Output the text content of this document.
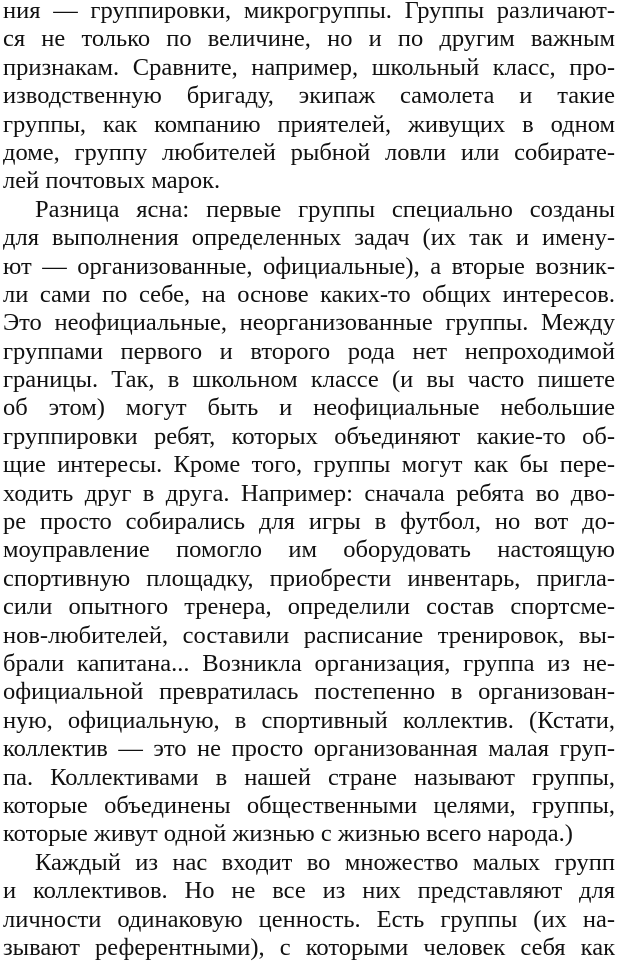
ния — группировки, микрогруппы. Группы различают-
ся не только по величине, но и по другим важным
признакам. Сравните, например, школьный класс, про-
изводственную бригаду, экипаж самолета и такие
группы, как компанию приятелей, живущих в одном
доме, группу любителей рыбной ловли или собирате-
лей почтовых марок.
Разница ясна: первые группы специально созданы
для выполнения определенных задач (их так и имену-
ют — организованные, официальные), а вторые возник-
ли сами по себе, на основе каких-то общих интересов.
Это неофициальные, неорганизованные группы. Между
группами первого и второго рода нет непроходимой
границы. Так, в школьном классе (и вы часто пишете
об этом) могут быть и неофициальные небольшие
группировки ребят, которых объединяют какие-то об-
щие интересы. Кроме того, группы могут как бы пере-
ходить друг в друга. Например: сначала ребята во дво-
ре просто собирались для игры в футбол, но вот до-
моуправление помогло им оборудовать настоящую
спортивную площадку, приобрести инвентарь, пригла-
сили опытного тренера, определили состав спортсме-
нов-любителей, составили расписание тренировок, вы-
брали капитана... Возникла организация, группа из не-
официальной превратилась постепенно в организован-
ную, официальную, в спортивный коллектив. (Кстати,
коллектив — это не просто организованная малая груп-
па. Коллективами в нашей стране называют группы,
которые объединены общественными целями, группы,
которые живут одной жизнью с жизнью всего народа.)
Каждый из нас входит во множество малых групп
и коллективов. Но не все из них представляют для
личности одинаковую ценность. Есть группы (их на-
зывают референтными), с которыми человек себя как
